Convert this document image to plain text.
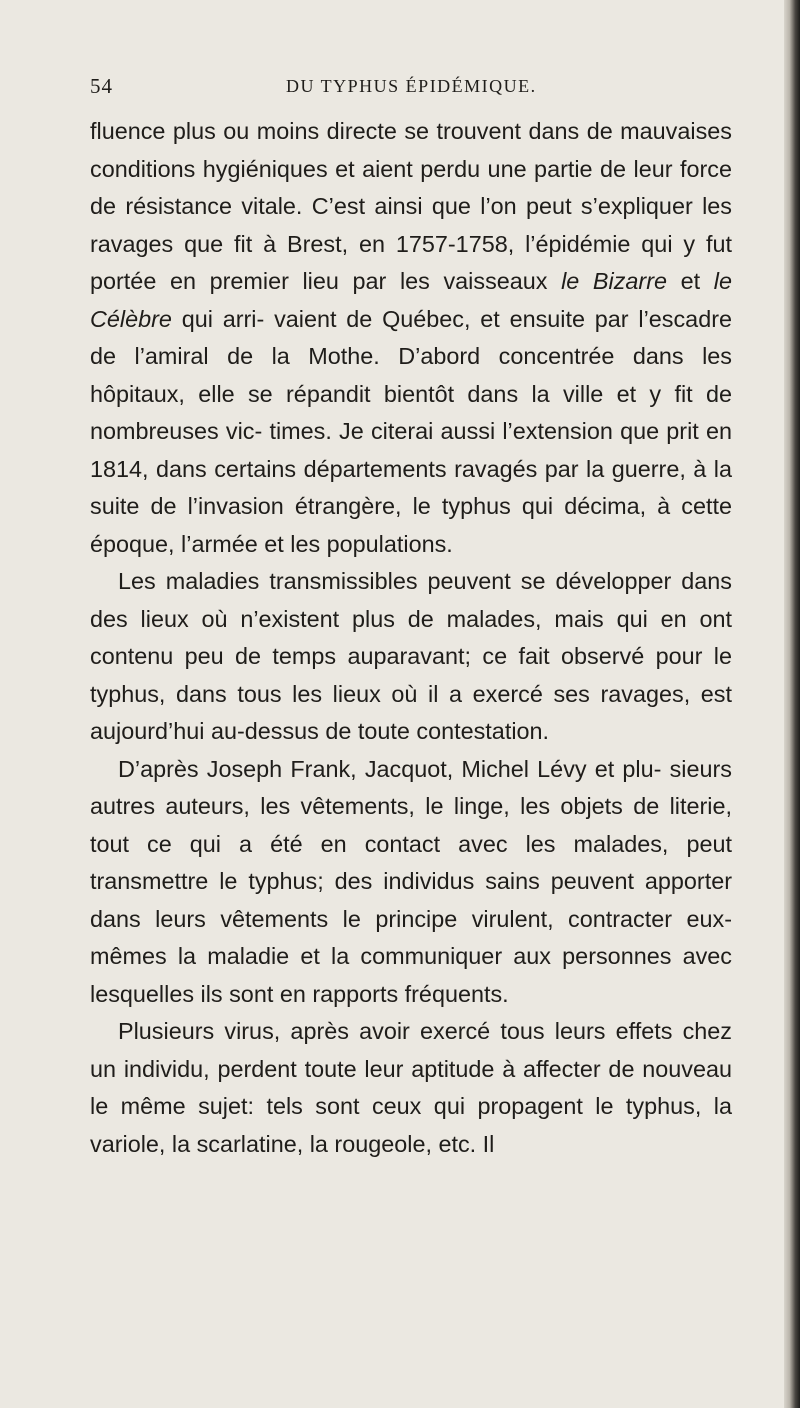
54	DU TYPHUS ÉPIDÉMIQUE.

fluence plus ou moins directe se trouvent dans de mauvaises conditions hygiéniques et aient perdu une partie de leur force de résistance vitale. C’est ainsi que l’on peut s’expliquer les ravages que fit à Brest, en 1757-1758, l’épidémie qui y fut portée en premier lieu par les vaisseaux le Bizarre et le Célèbre qui arri- vaient de Québec, et ensuite par l’escadre de l’amiral de la Mothe. D’abord concentrée dans les hôpitaux, elle se répandit bientôt dans la ville et y fit de nombreuses vic- times. Je citerai aussi l’extension que prit en 1814, dans certains départements ravagés par la guerre, à la suite de l’invasion étrangère, le typhus qui décima, à cette époque, l’armée et les populations.

Les maladies transmissibles peuvent se développer dans des lieux où n’existent plus de malades, mais qui en ont contenu peu de temps auparavant; ce fait observé pour le typhus, dans tous les lieux où il a exercé ses ravages, est aujourd’hui au-dessus de toute contestation.

D’après Joseph Frank, Jacquot, Michel Lévy et plu- sieurs autres auteurs, les vêtements, le linge, les objets de literie, tout ce qui a été en contact avec les malades, peut transmettre le typhus; des individus sains peuvent apporter dans leurs vêtements le principe virulent, contracter eux-mêmes la maladie et la communiquer aux personnes avec lesquelles ils sont en rapports fréquents.

Plusieurs virus, après avoir exercé tous leurs effets chez un individu, perdent toute leur aptitude à affecter de nouveau le même sujet: tels sont ceux qui propagent le typhus, la variole, la scarlatine, la rougeole, etc. Il
